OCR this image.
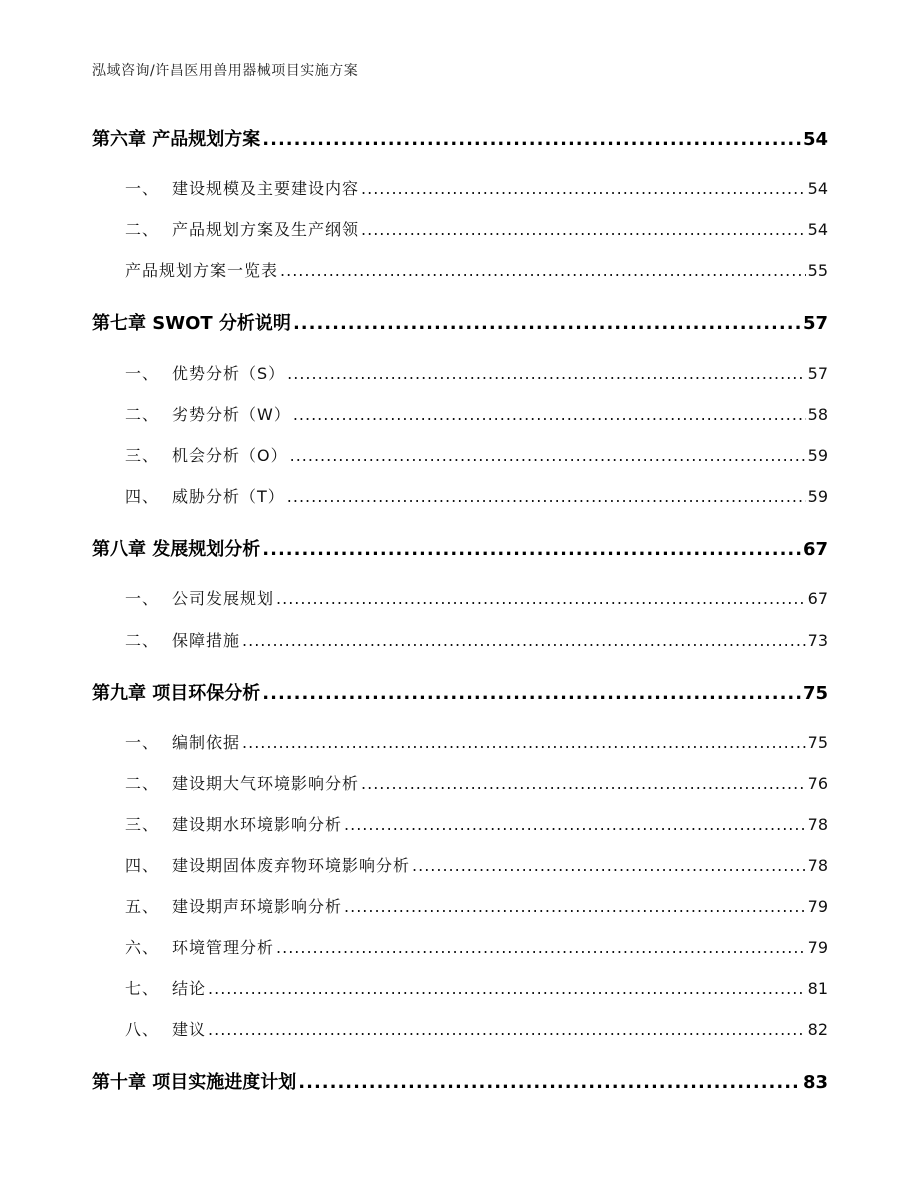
泓域咨询/许昌医用兽用器械项目实施方案
第六章 产品规划方案 .....	54
一、 建设规模及主要建设内容 .....	54
二、 产品规划方案及生产纲领 .....	54
产品规划方案一览表 .....	55
第七章 SWOT 分析说明 .....	57
一、 优势分析（S） .....	57
二、 劣势分析（W） .....	58
三、 机会分析（O） .....	59
四、 威胁分析（T） .....	59
第八章 发展规划分析 .....	67
一、 公司发展规划 .....	67
二、 保障措施 .....	73
第九章 项目环保分析 .....	75
一、 编制依据 .....	75
二、 建设期大气环境影响分析 .....	76
三、 建设期水环境影响分析 .....	78
四、 建设期固体废弃物环境影响分析 .....	78
五、 建设期声环境影响分析 .....	79
六、 环境管理分析 .....	79
七、 结论 .....	81
八、 建议 .....	82
第十章 项目实施进度计划 .....	83
